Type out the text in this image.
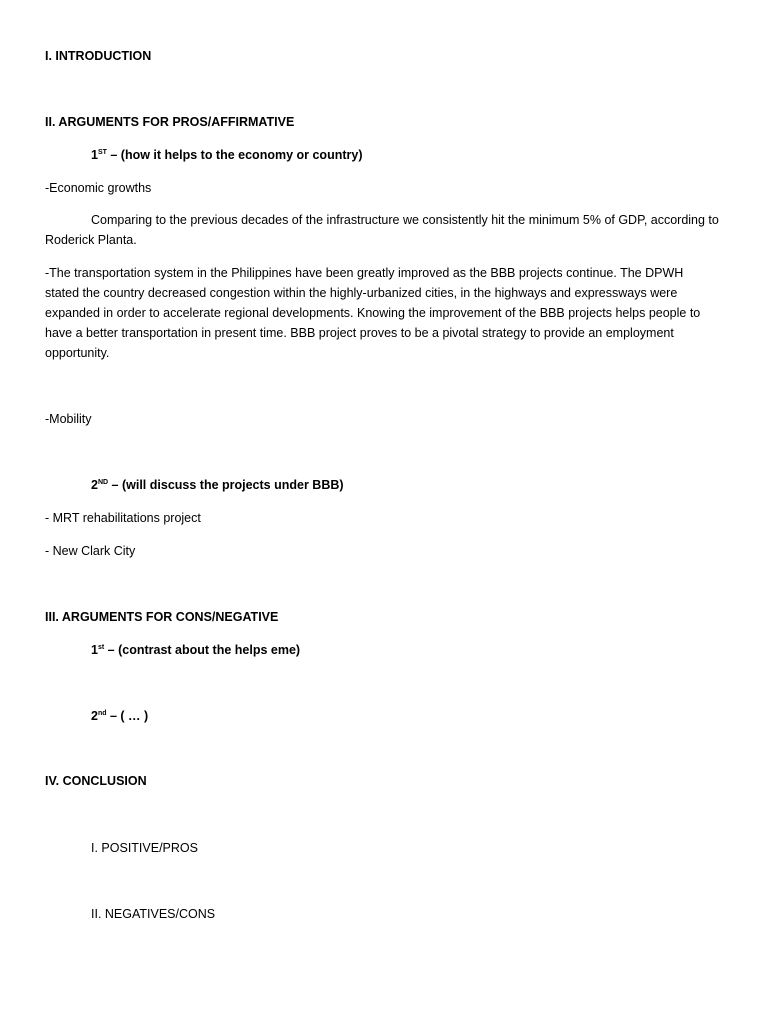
I. INTRODUCTION
II. ARGUMENTS FOR PROS/AFFIRMATIVE
1ST – (how it helps to the economy or country)
-Economic growths
Comparing to the previous decades of the infrastructure we consistently hit the minimum 5% of GDP, according to Roderick Planta.
-The transportation system in the Philippines have been greatly improved as the BBB projects continue. The DPWH stated the country decreased congestion within the highly-urbanized cities, in the highways and expressways were expanded in order to accelerate regional developments. Knowing the improvement of the BBB projects helps people to have a better transportation in present time. BBB project proves to be a pivotal strategy to provide an employment opportunity.
-Mobility
2ND – (will discuss the projects under BBB)
- MRT rehabilitations project
- New Clark City
III. ARGUMENTS FOR CONS/NEGATIVE
1st – (contrast about the helps eme)
2nd – ( … )
IV. CONCLUSION
I. POSITIVE/PROS
II. NEGATIVES/CONS
